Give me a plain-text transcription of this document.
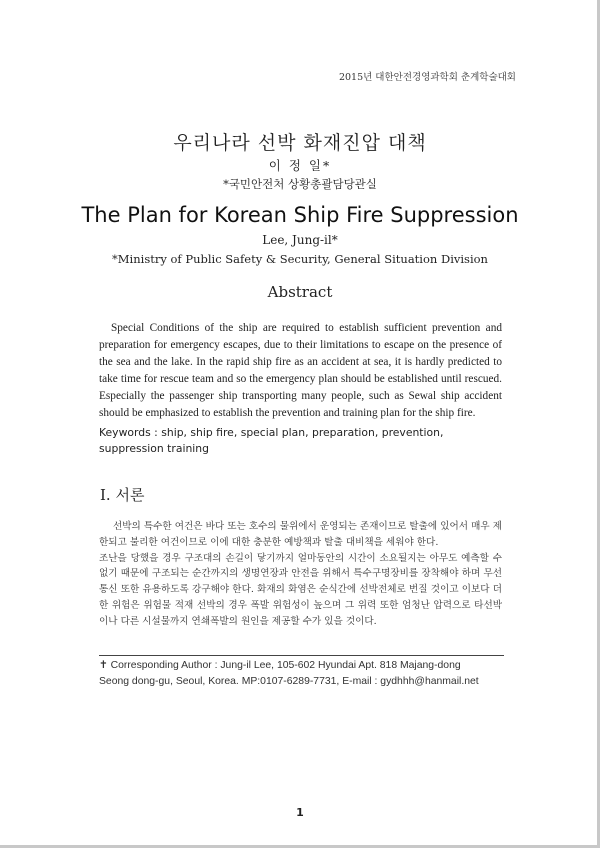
2015년 대한안전경영과학회 춘계학술대회
우리나라 선박 화재진압 대책
이 정 일*
*국민안전처 상황총괄담당관실
The Plan for Korean Ship Fire Suppression
Lee, Jung-il*
*Ministry of Public Safety & Security, General Situation Division
Abstract

Special Conditions of the ship are required to establish sufficient prevention and preparation for emergency escapes, due to their limitations to escape on the presence of the sea and the lake. In the rapid ship fire as an accident at sea, it is hardly predicted to take time for rescue team and so the emergency plan should be established until rescued. Especially the passenger ship transporting many people, such as Sewal ship accident should be emphasized to establish the prevention and training plan for the ship fire.

Keywords : ship, ship fire, special plan, preparation, prevention, suppression training

Ⅰ. 서론

선박의 특수한 여건은 바다 또는 호수의 물위에서 운영되는 존재이므로 탈출에 있어서 매우 제한되고 불리한 여건이므로 이에 대한 충분한 예방책과 탈출 대비책을 세워야 한다.

조난을 당했을 경우 구조대의 손길이 닿기까지 얼마동안의 시간이 소요될지는 아무도 예측할 수 없기 때문에 구조되는 순간까지의 생명연장과 안전을 위해서 특수구명장비를 장착해야 하며 무선통신 또한 유용하도록 강구해야 한다. 화재의 화염은 순식간에 선박전체로 번질 것이고 이보다 더한 위험은 위험물 적재 선박의 경우 폭발 위험성이 높으며 그 위력 또한 엄청난 압력으로 타선박이나 다른 시설물까지 연쇄폭발의 원인을 제공할 수가 있을 것이다.

✝ Corresponding Author : Jung-il Lee, 105-602 Hyundai Apt. 818 Majang-dong
Seong dong-gu, Seoul, Korea. MP:0107-6289-7731, E-mail : gydhhh@hanmail.net
1
